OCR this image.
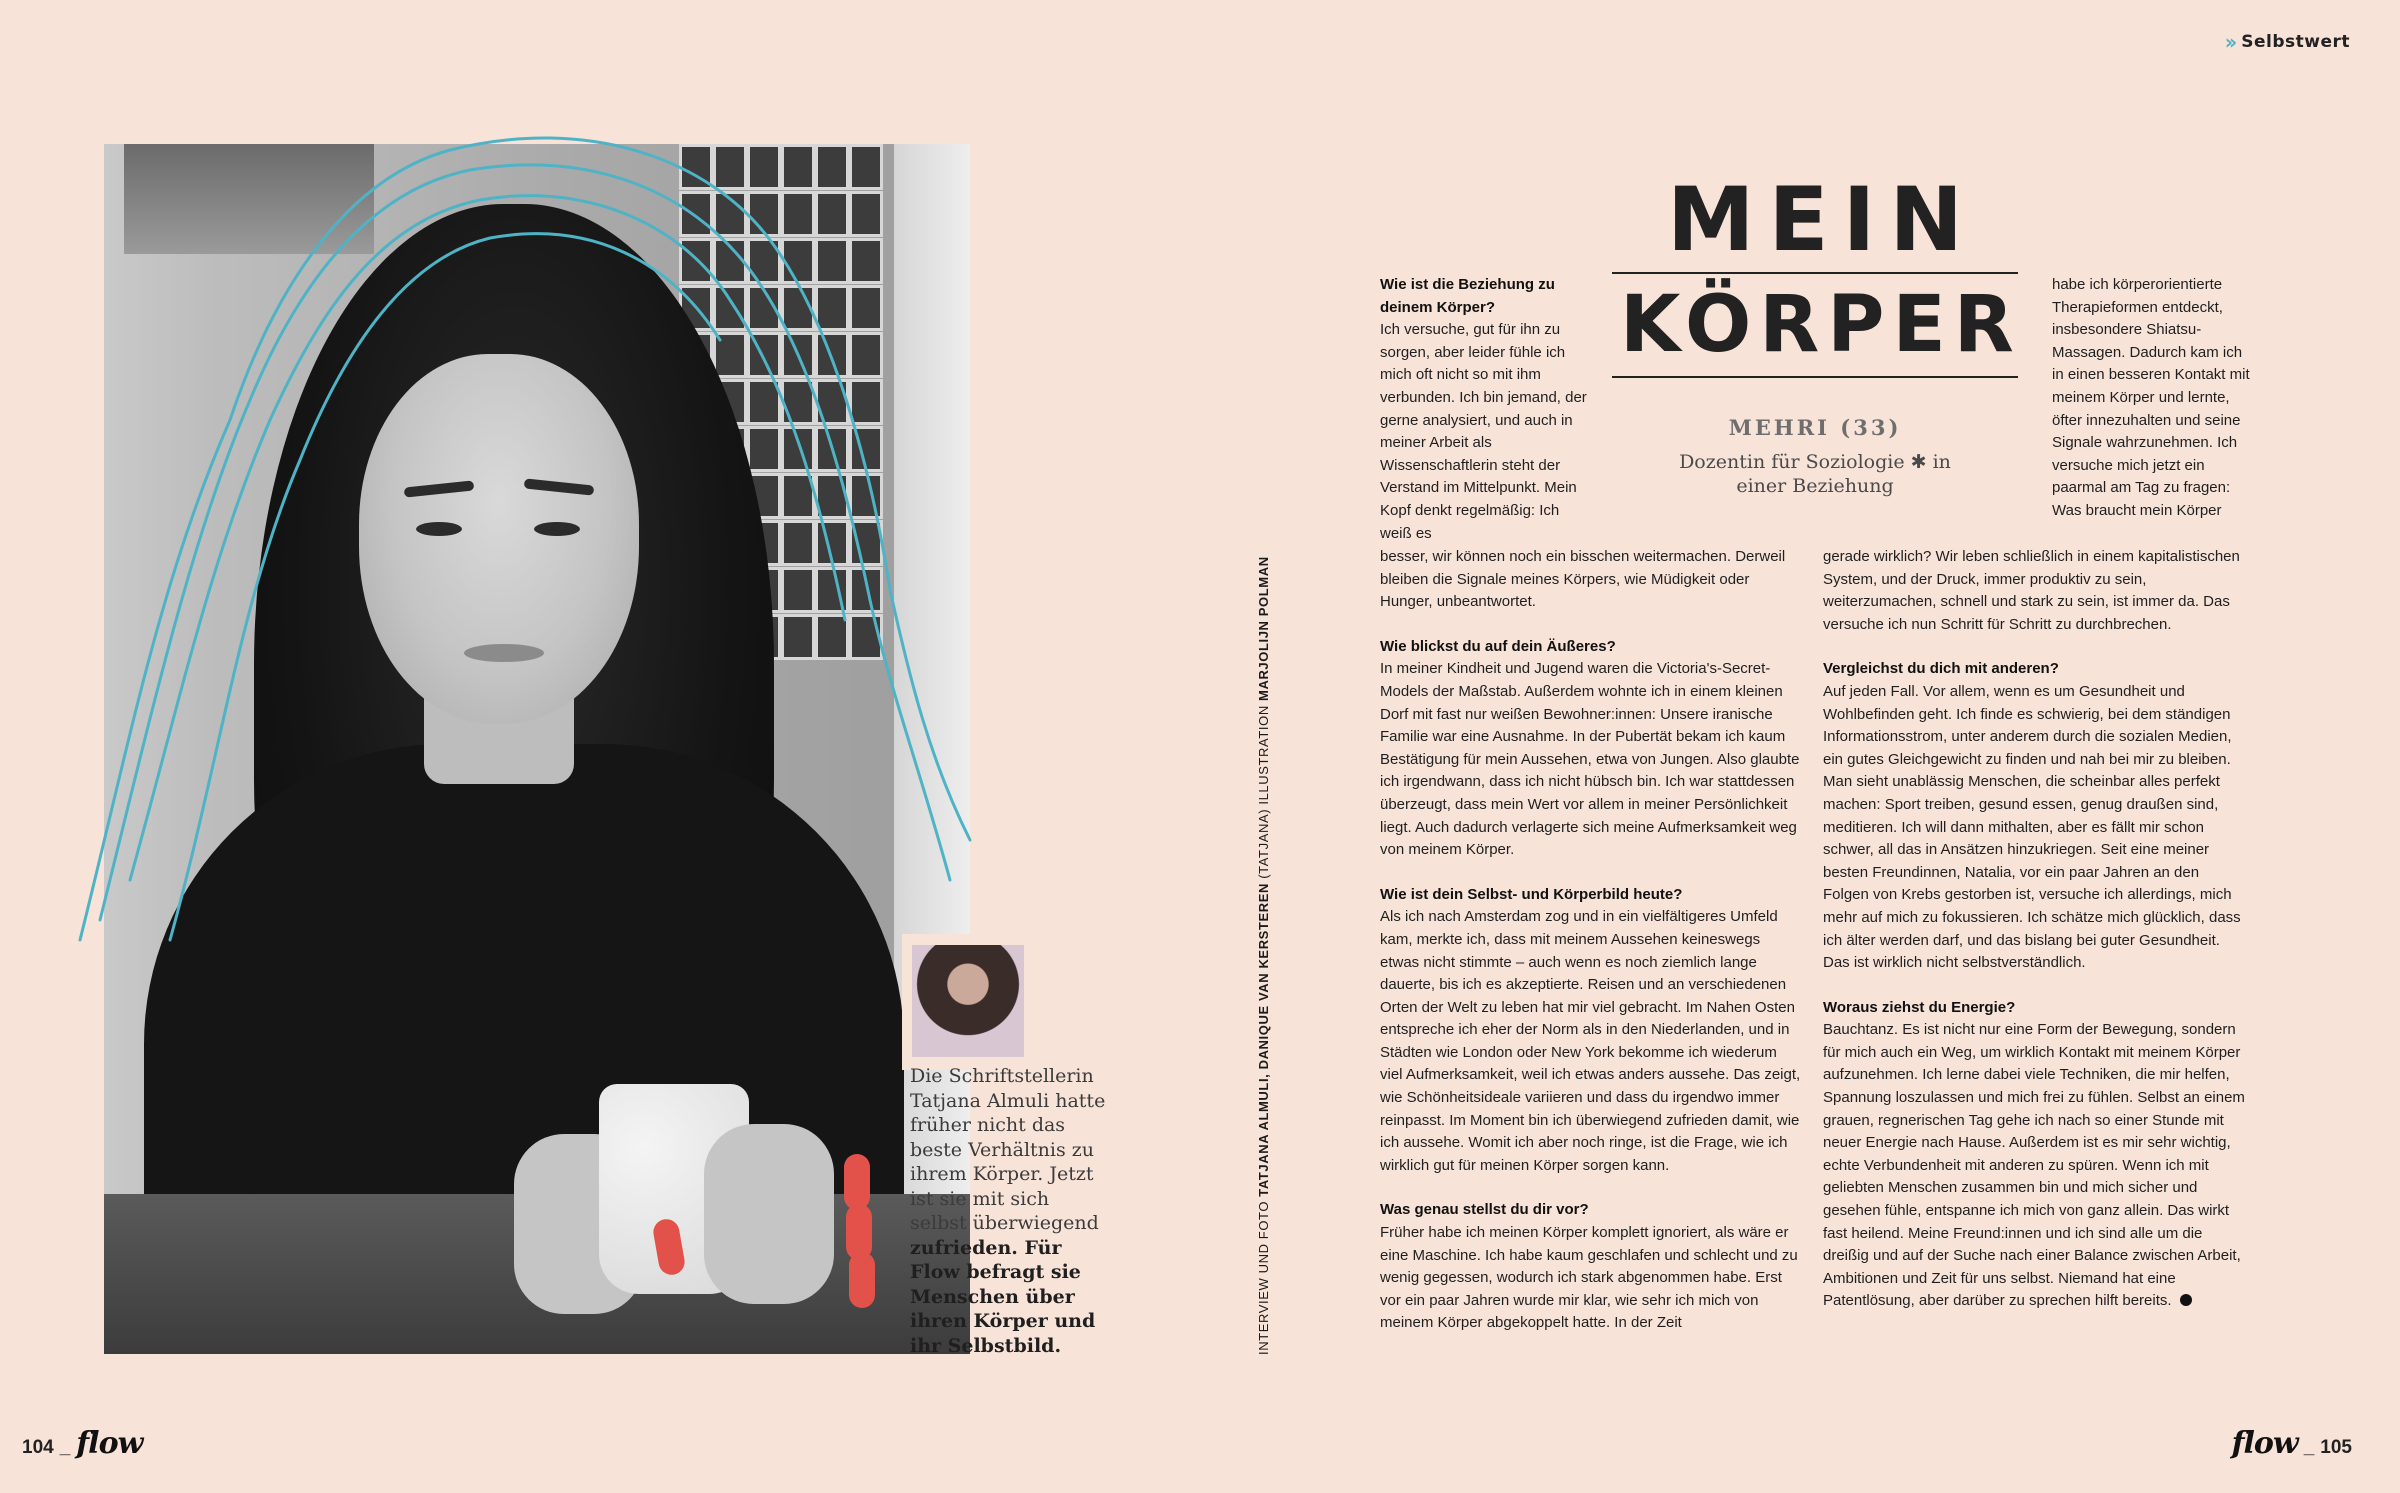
›› Selbstwert
Die Schriftstellerin Tatjana Almuli hatte früher nicht das beste Verhältnis zu ihrem Körper. Jetzt ist sie mit sich selbst überwiegend zufrieden. Für Flow befragt sie Menschen über ihren Körper und ihr Selbstbild.	INTERVIEW UND FOTO TATJANA ALMULI, DANIQUE VAN KERSTEREN (TATJANA) ILLUSTRATION MARJOLIJN POLMAN
MEIN
KÖRPER
MEHRI (33)
Dozentin für Soziologie ✱ in
einer Beziehung

Wie ist die Beziehung zu deinem Körper?

Ich versuche, gut für ihn zu sorgen, aber leider fühle ich mich oft nicht so mit ihm verbunden. Ich bin jemand, der gerne analysiert, und auch in meiner Arbeit als Wissenschaftlerin steht der Verstand im Mittelpunkt. Mein Kopf denkt regelmäßig: Ich weiß es

habe ich körperorientierte Therapieformen entdeckt, insbesondere Shiatsu-Massagen. Dadurch kam ich in einen besseren Kontakt mit meinem Körper und lernte, öfter innezuhalten und seine Signale wahrzunehmen. Ich versuche mich jetzt ein paarmal am Tag zu fragen: Was braucht mein Körper

besser, wir können noch ein bisschen weitermachen. Derweil bleiben die Signale meines Körpers, wie Müdigkeit oder Hunger, unbeantwortet.

Wie blickst du auf dein Äußeres?

In meiner Kindheit und Jugend waren die Victoria's-Secret-Models der Maßstab. Außerdem wohnte ich in einem kleinen Dorf mit fast nur weißen Bewohner:innen: Unsere iranische Familie war eine Ausnahme. In der Pubertät bekam ich kaum Bestätigung für mein Aussehen, etwa von Jungen. Also glaubte ich irgendwann, dass ich nicht hübsch bin. Ich war stattdessen überzeugt, dass mein Wert vor allem in meiner Persönlichkeit liegt. Auch dadurch verlagerte sich meine Aufmerksamkeit weg von meinem Körper.

Wie ist dein Selbst- und Körperbild heute?

Als ich nach Amsterdam zog und in ein vielfältigeres Umfeld kam, merkte ich, dass mit meinem Aussehen keineswegs etwas nicht stimmte – auch wenn es noch ziemlich lange dauerte, bis ich es akzeptierte. Reisen und an verschiedenen Orten der Welt zu leben hat mir viel gebracht. Im Nahen Osten entspreche ich eher der Norm als in den Niederlanden, und in Städten wie London oder New York bekomme ich wiederum viel Aufmerksamkeit, weil ich etwas anders aussehe. Das zeigt, wie Schönheitsideale variieren und dass du irgendwo immer reinpasst. Im Moment bin ich überwiegend zufrieden damit, wie ich aussehe. Womit ich aber noch ringe, ist die Frage, wie ich wirklich gut für meinen Körper sorgen kann.

Was genau stellst du dir vor?

Früher habe ich meinen Körper komplett ignoriert, als wäre er eine Maschine. Ich habe kaum geschlafen und schlecht und zu wenig gegessen, wodurch ich stark abgenommen habe. Erst vor ein paar Jahren wurde mir klar, wie sehr ich mich von meinem Körper abgekoppelt hatte. In der Zeit

gerade wirklich? Wir leben schließlich in einem kapitalistischen System, und der Druck, immer produktiv zu sein, weiterzumachen, schnell und stark zu sein, ist immer da. Das versuche ich nun Schritt für Schritt zu durchbrechen.

Vergleichst du dich mit anderen?

Auf jeden Fall. Vor allem, wenn es um Gesundheit und Wohlbefinden geht. Ich finde es schwierig, bei dem ständigen Informationsstrom, unter anderem durch die sozialen Medien, ein gutes Gleichgewicht zu finden und nah bei mir zu bleiben. Man sieht unablässig Menschen, die scheinbar alles perfekt machen: Sport treiben, gesund essen, genug draußen sind, meditieren. Ich will dann mithalten, aber es fällt mir schon schwer, all das in Ansätzen hinzukriegen. Seit eine meiner besten Freundinnen, Natalia, vor ein paar Jahren an den Folgen von Krebs gestorben ist, versuche ich allerdings, mich mehr auf mich zu fokussieren. Ich schätze mich glücklich, dass ich älter werden darf, und das bislang bei guter Gesundheit. Das ist wirklich nicht selbstverständlich.

Woraus ziehst du Energie?

Bauchtanz. Es ist nicht nur eine Form der Bewegung, sondern für mich auch ein Weg, um wirklich Kontakt mit meinem Körper aufzunehmen. Ich lerne dabei viele Techniken, die mir helfen, Spannung loszulassen und mich frei zu fühlen. Selbst an einem grauen, regnerischen Tag gehe ich nach so einer Stunde mit neuer Energie nach Hause. Außerdem ist es mir sehr wichtig, echte Verbundenheit mit anderen zu spüren. Wenn ich mit geliebten Menschen zusammen bin und mich sicher und gesehen fühle, entspanne ich mich von ganz allein. Das wirkt fast heilend. Meine Freund:innen und ich sind alle um die dreißig und auf der Suche nach einer Balance zwischen Arbeit, Ambitionen und Zeit für uns selbst. Niemand hat eine Patentlösung, aber darüber zu sprechen hilft bereits.

104 _ flow	flow _ 105
